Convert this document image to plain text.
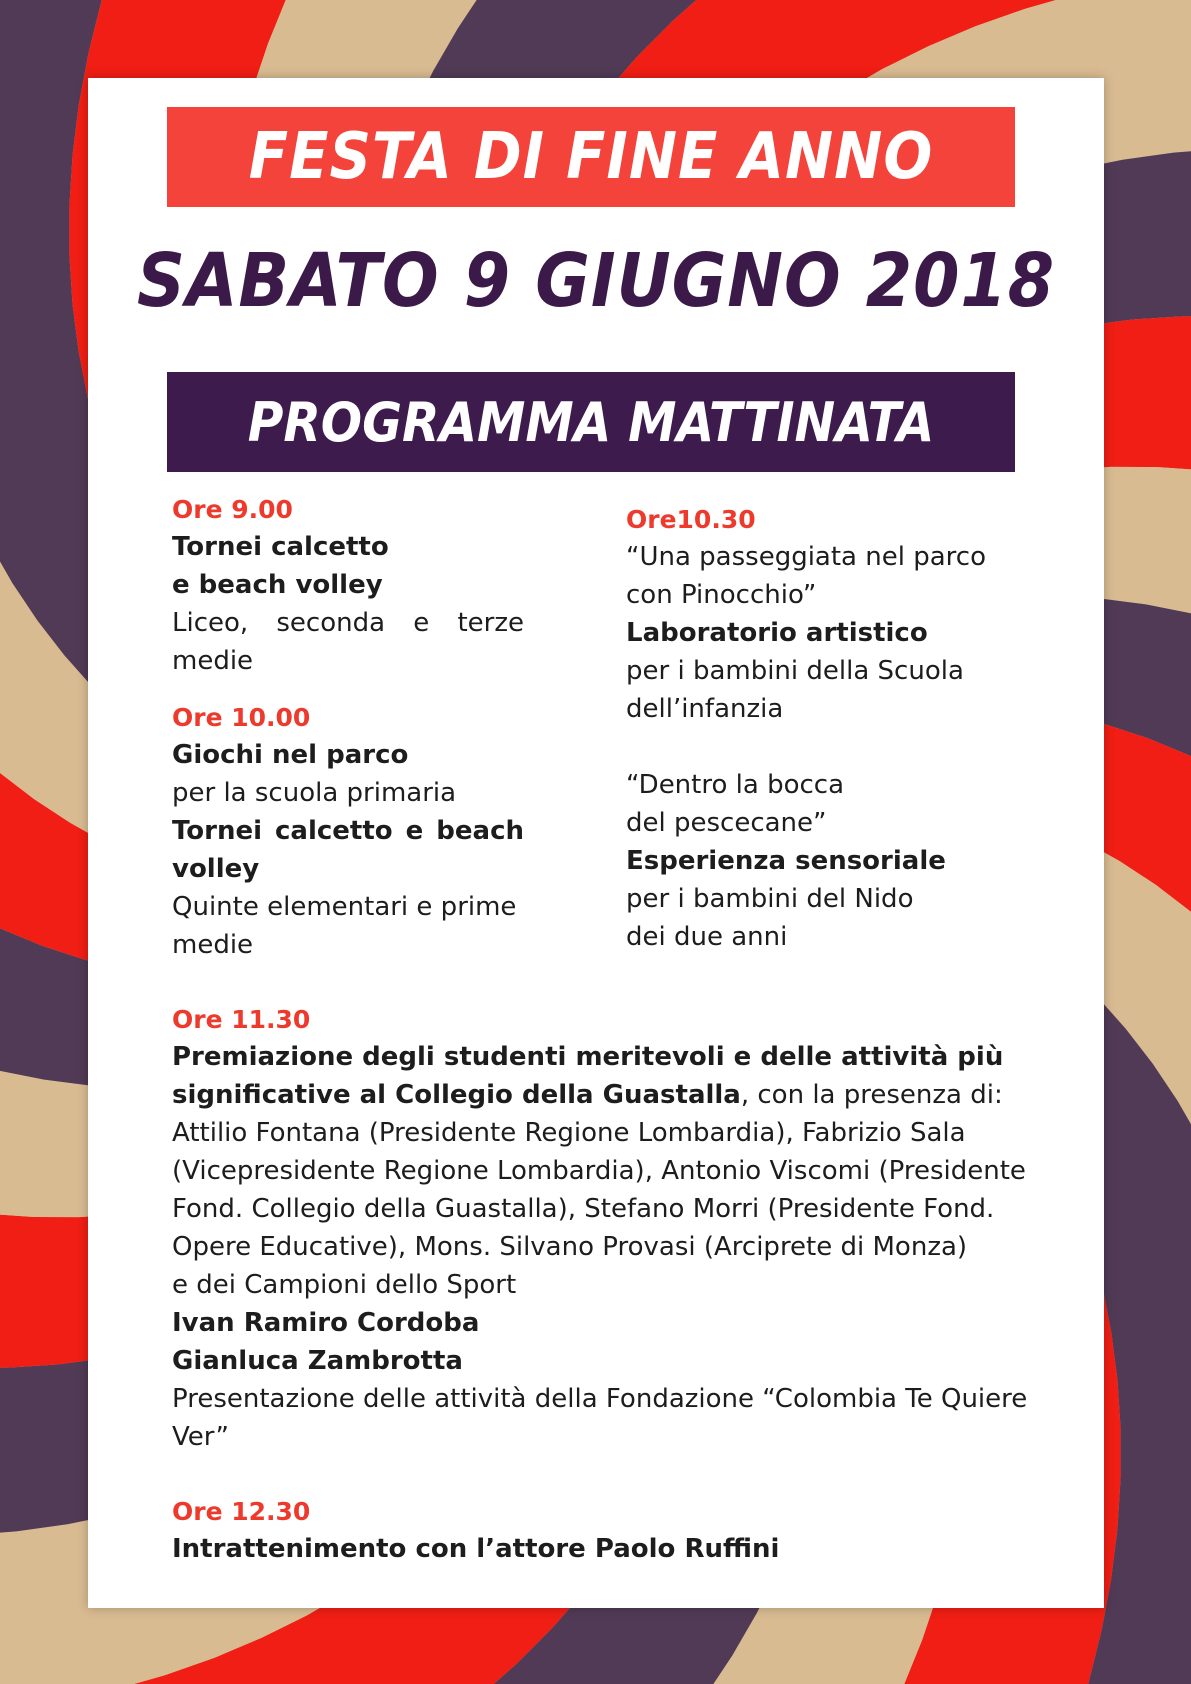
FESTA DI FINE ANNO
SABATO 9 GIUGNO 2018
PROGRAMMA MATTINATA
Ore 9.00
Tornei calcetto
e beach volley
Liceo, seconda e terze
medie
Ore 10.00
Giochi nel parco
per la scuola primaria
Tornei calcetto e beach
volley
Quinte elementari e prime
medie
Ore10.30
“Una passeggiata nel parco
con Pinocchio”
Laboratorio artistico
per i bambini della Scuola
dell’infanzia
“Dentro la bocca
del pescecane”
Esperienza sensoriale
per i bambini del Nido
dei due anni
Ore 11.30
Premiazione degli studenti meritevoli e delle attività più
significative al Collegio della Guastalla, con la presenza di:
Attilio Fontana (Presidente Regione Lombardia), Fabrizio Sala
(Vicepresidente Regione Lombardia), Antonio Viscomi (Presidente
Fond. Collegio della Guastalla), Stefano Morri (Presidente Fond.
Opere Educative), Mons. Silvano Provasi (Arciprete di Monza)
e dei Campioni dello Sport
Ivan Ramiro Cordoba
Gianluca Zambrotta
Presentazione delle attività della Fondazione “Colombia Te Quiere
Ver”
Ore 12.30
Intrattenimento con l’attore Paolo Ruffini
